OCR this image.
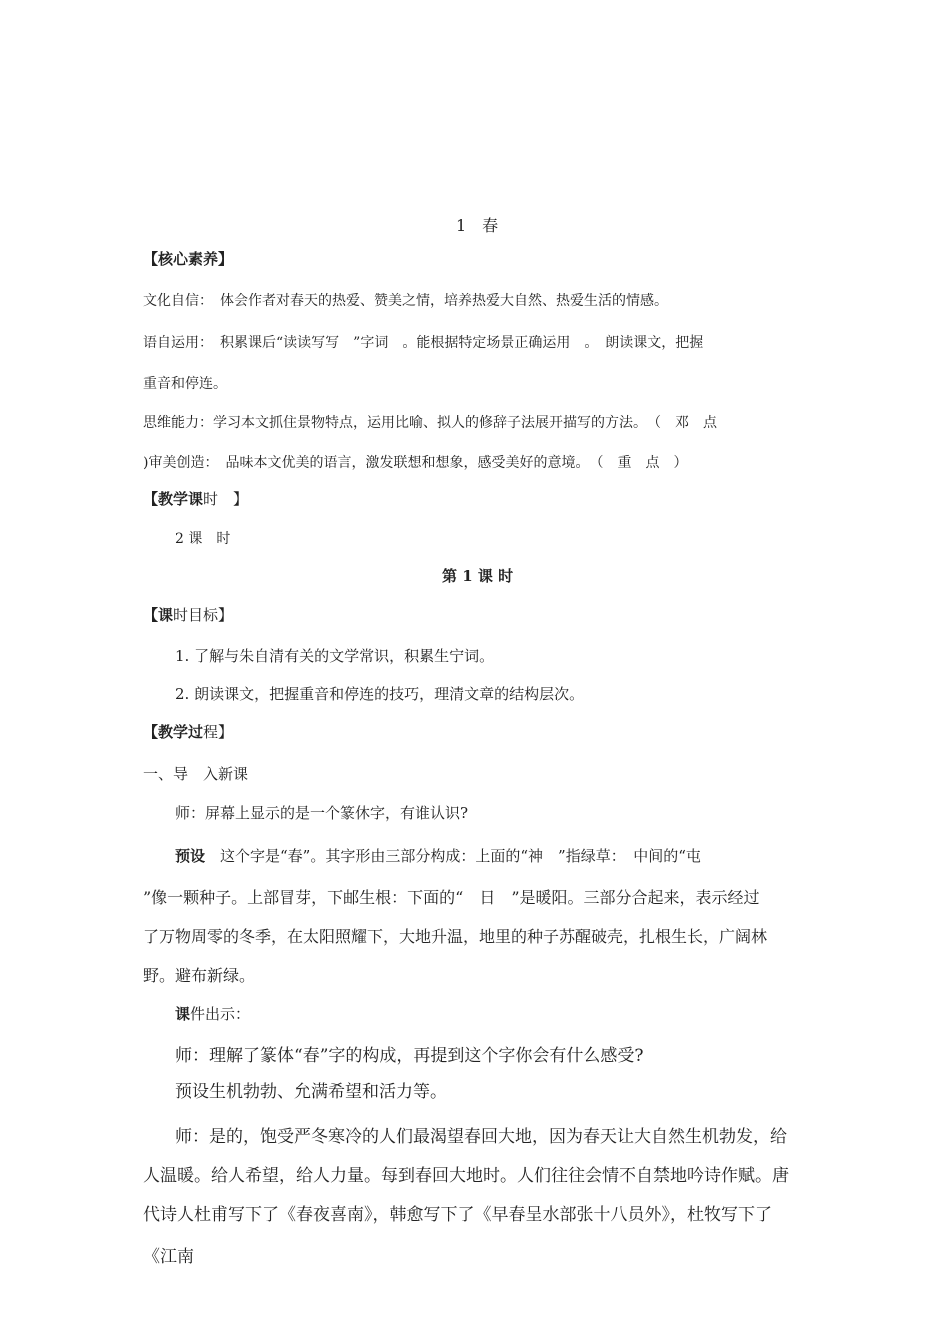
1　春

【核心素养】

文化自信：　体会作者对春天的热爱、赞美之情，培养热爱大自然、热爱生活的情感。

语自运用：　积累课后“读读写写　”字词　。能根据特定场景正确运用　。　朗读课文，把握

重音和停连。

思维能力：学习本文抓住景物特点，运用比喻、拟人的修辞子法展开描写的方法。　（　邓　点

)审美创造：　品味本文优美的语言，激发联想和想象，感受美好的意境。　（　重　点　）

【教学课时　】

2 课　时

第 1 课 时

【课时目标】

1. 了解与朱自清有关的文学常识，积累生宁词。

2. 朗读课文，把握重音和停连的技巧，理清文章的结构层次。

【教学过程】

一、导　入新课

师：屏幕上显示的是一个篆休字，有谁认识?

预设　这个字是“春”。其字形由三部分构成：上面的“神　”指绿草：　中间的“屯

”像一颗种子。上部冒芽，下邮生根：下面的“　日　”是暖阳。三部分合起来，表示经过

了万物周零的冬季，在太阳照耀下，大地升温，地里的种子苏醒破壳，扎根生长，广阔林

野。避布新绿。

课件出示：

师：理解了篆体“春”字的构成，再提到这个字你会有什么感受?

预设生机勃勃、允满希望和活力等。

师：是的，饱受严冬寒冷的人们最渴望春回大地，因为春天让大自然生机勃发，给

人温暖。给人希望，给人力量。每到春回大地时。人们往往会情不自禁地吟诗作赋。唐

代诗人杜甫写下了《春夜喜南》，韩愈写下了《早春呈水部张十八员外》，杜牧写下了

《江南
